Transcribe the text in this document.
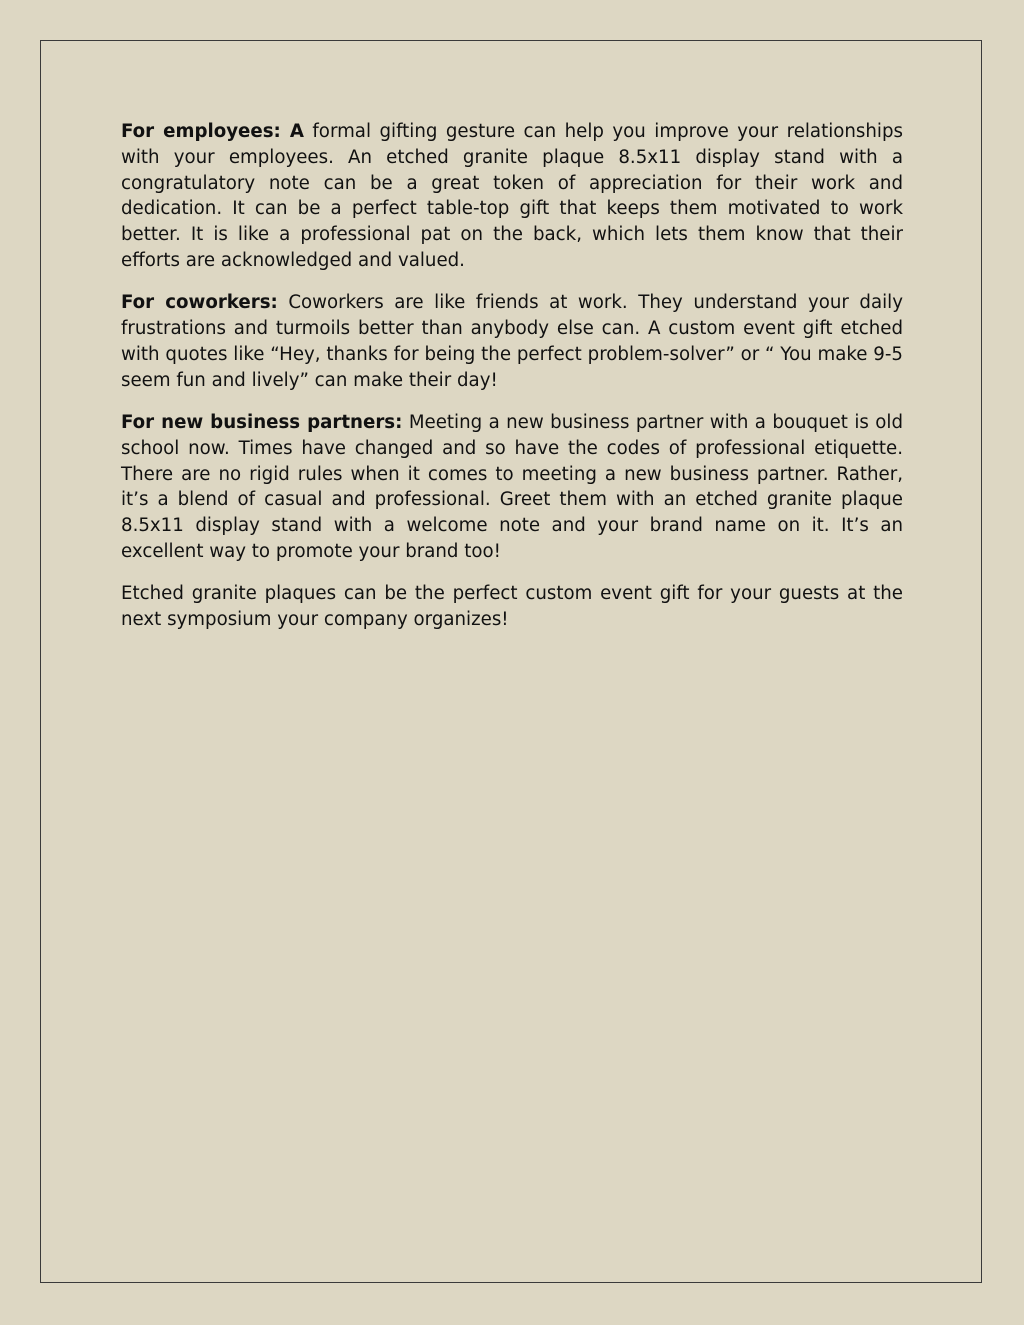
For employees: A formal gifting gesture can help you improve your relationships with your employees. An etched granite plaque 8.5x11 display stand with a congratulatory note can be a great token of appreciation for their work and dedication. It can be a perfect table-top gift that keeps them motivated to work better. It is like a professional pat on the back, which lets them know that their efforts are acknowledged and valued.

For coworkers: Coworkers are like friends at work. They understand your daily frustrations and turmoils better than anybody else can. A custom event gift etched with quotes like “Hey, thanks for being the perfect problem-solver” or “ You make 9-5 seem fun and lively” can make their day!

For new business partners: Meeting a new business partner with a bouquet is old school now. Times have changed and so have the codes of professional etiquette. There are no rigid rules when it comes to meeting a new business partner. Rather, it’s a blend of casual and professional. Greet them with an etched granite plaque 8.5x11 display stand with a welcome note and your brand name on it. It’s an excellent way to promote your brand too!

Etched granite plaques can be the perfect custom event gift for your guests at the next symposium your company organizes!
